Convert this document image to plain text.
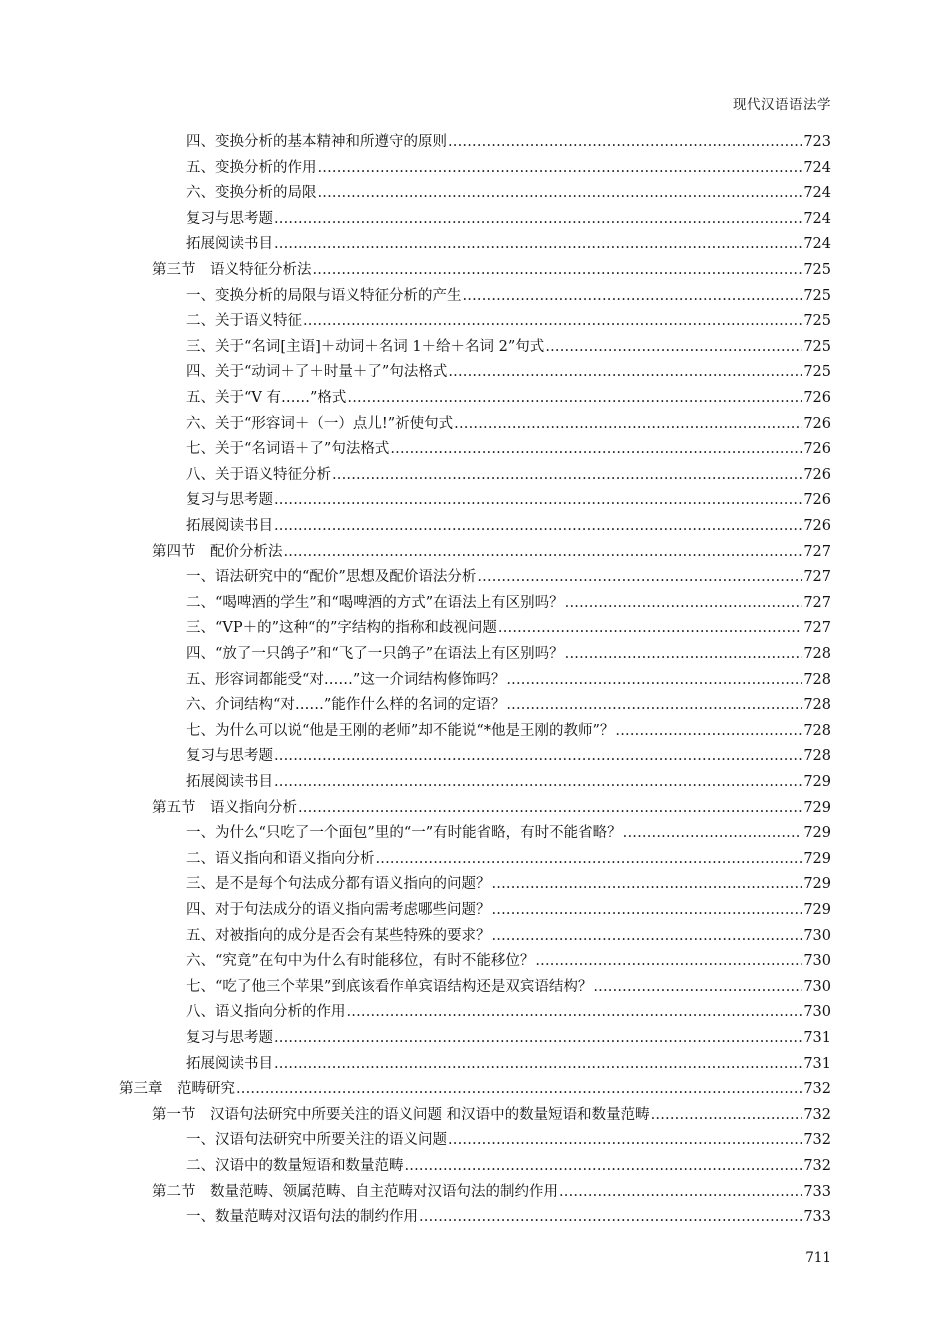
现代汉语语法学
四、变换分析的基本精神和所遵守的原则 .....	723
五、变换分析的作用 .....	724
六、变换分析的局限 .....	724
复习与思考题 .....	724
拓展阅读书目 .....	724
第三节　语义特征分析法 .....	725
一、变换分析的局限与语义特征分析的产生 .....	725
二、关于语义特征 .....	725
三、关于“名词[主语]＋动词＋名词 1＋给＋名词 2”句式 .....	725
四、关于“动词＋了＋时量＋了”句法格式 .....	725
五、关于“V 有……”格式 .....	726
六、关于“形容词＋（一）点儿!”祈使句式 .....	726
七、关于“名词语＋了”句法格式 .....	726
八、关于语义特征分析 .....	726
复习与思考题 .....	726
拓展阅读书目 .....	726
第四节　配价分析法 .....	727
一、语法研究中的“配价”思想及配价语法分析 .....	727
二、“喝啤酒的学生”和“喝啤酒的方式”在语法上有区别吗？ .....	727
三、“VP＋的”这种“的”字结构的指称和歧视问题 .....	727
四、“放了一只鸽子”和“飞了一只鸽子”在语法上有区别吗？ .....	728
五、形容词都能受“对……”这一介词结构修饰吗？ .....	728
六、介词结构“对……”能作什么样的名词的定语？ .....	728
七、为什么可以说“他是王刚的老师”却不能说“*他是王刚的教师”？ .....	728
复习与思考题 .....	728
拓展阅读书目 .....	729
第五节　语义指向分析 .....	729
一、为什么“只吃了一个面包”里的“一”有时能省略，有时不能省略？ .....	729
二、语义指向和语义指向分析 .....	729
三、是不是每个句法成分都有语义指向的问题？ .....	729
四、对于句法成分的语义指向需考虑哪些问题？ .....	729
五、对被指向的成分是否会有某些特殊的要求？ .....	730
六、“究竟”在句中为什么有时能移位，有时不能移位？ .....	730
七、“吃了他三个苹果”到底该看作单宾语结构还是双宾语结构？ .....	730
八、语义指向分析的作用 .....	730
复习与思考题 .....	731
拓展阅读书目 .....	731
第三章　范畴研究 .....	732
第一节　汉语句法研究中所要关注的语义问题 和汉语中的数量短语和数量范畴 .....	732
一、汉语句法研究中所要关注的语义问题 .....	732
二、汉语中的数量短语和数量范畴 .....	732
第二节　数量范畴、领属范畴、自主范畴对汉语句法的制约作用 .....	733
一、数量范畴对汉语句法的制约作用 .....	733
711
